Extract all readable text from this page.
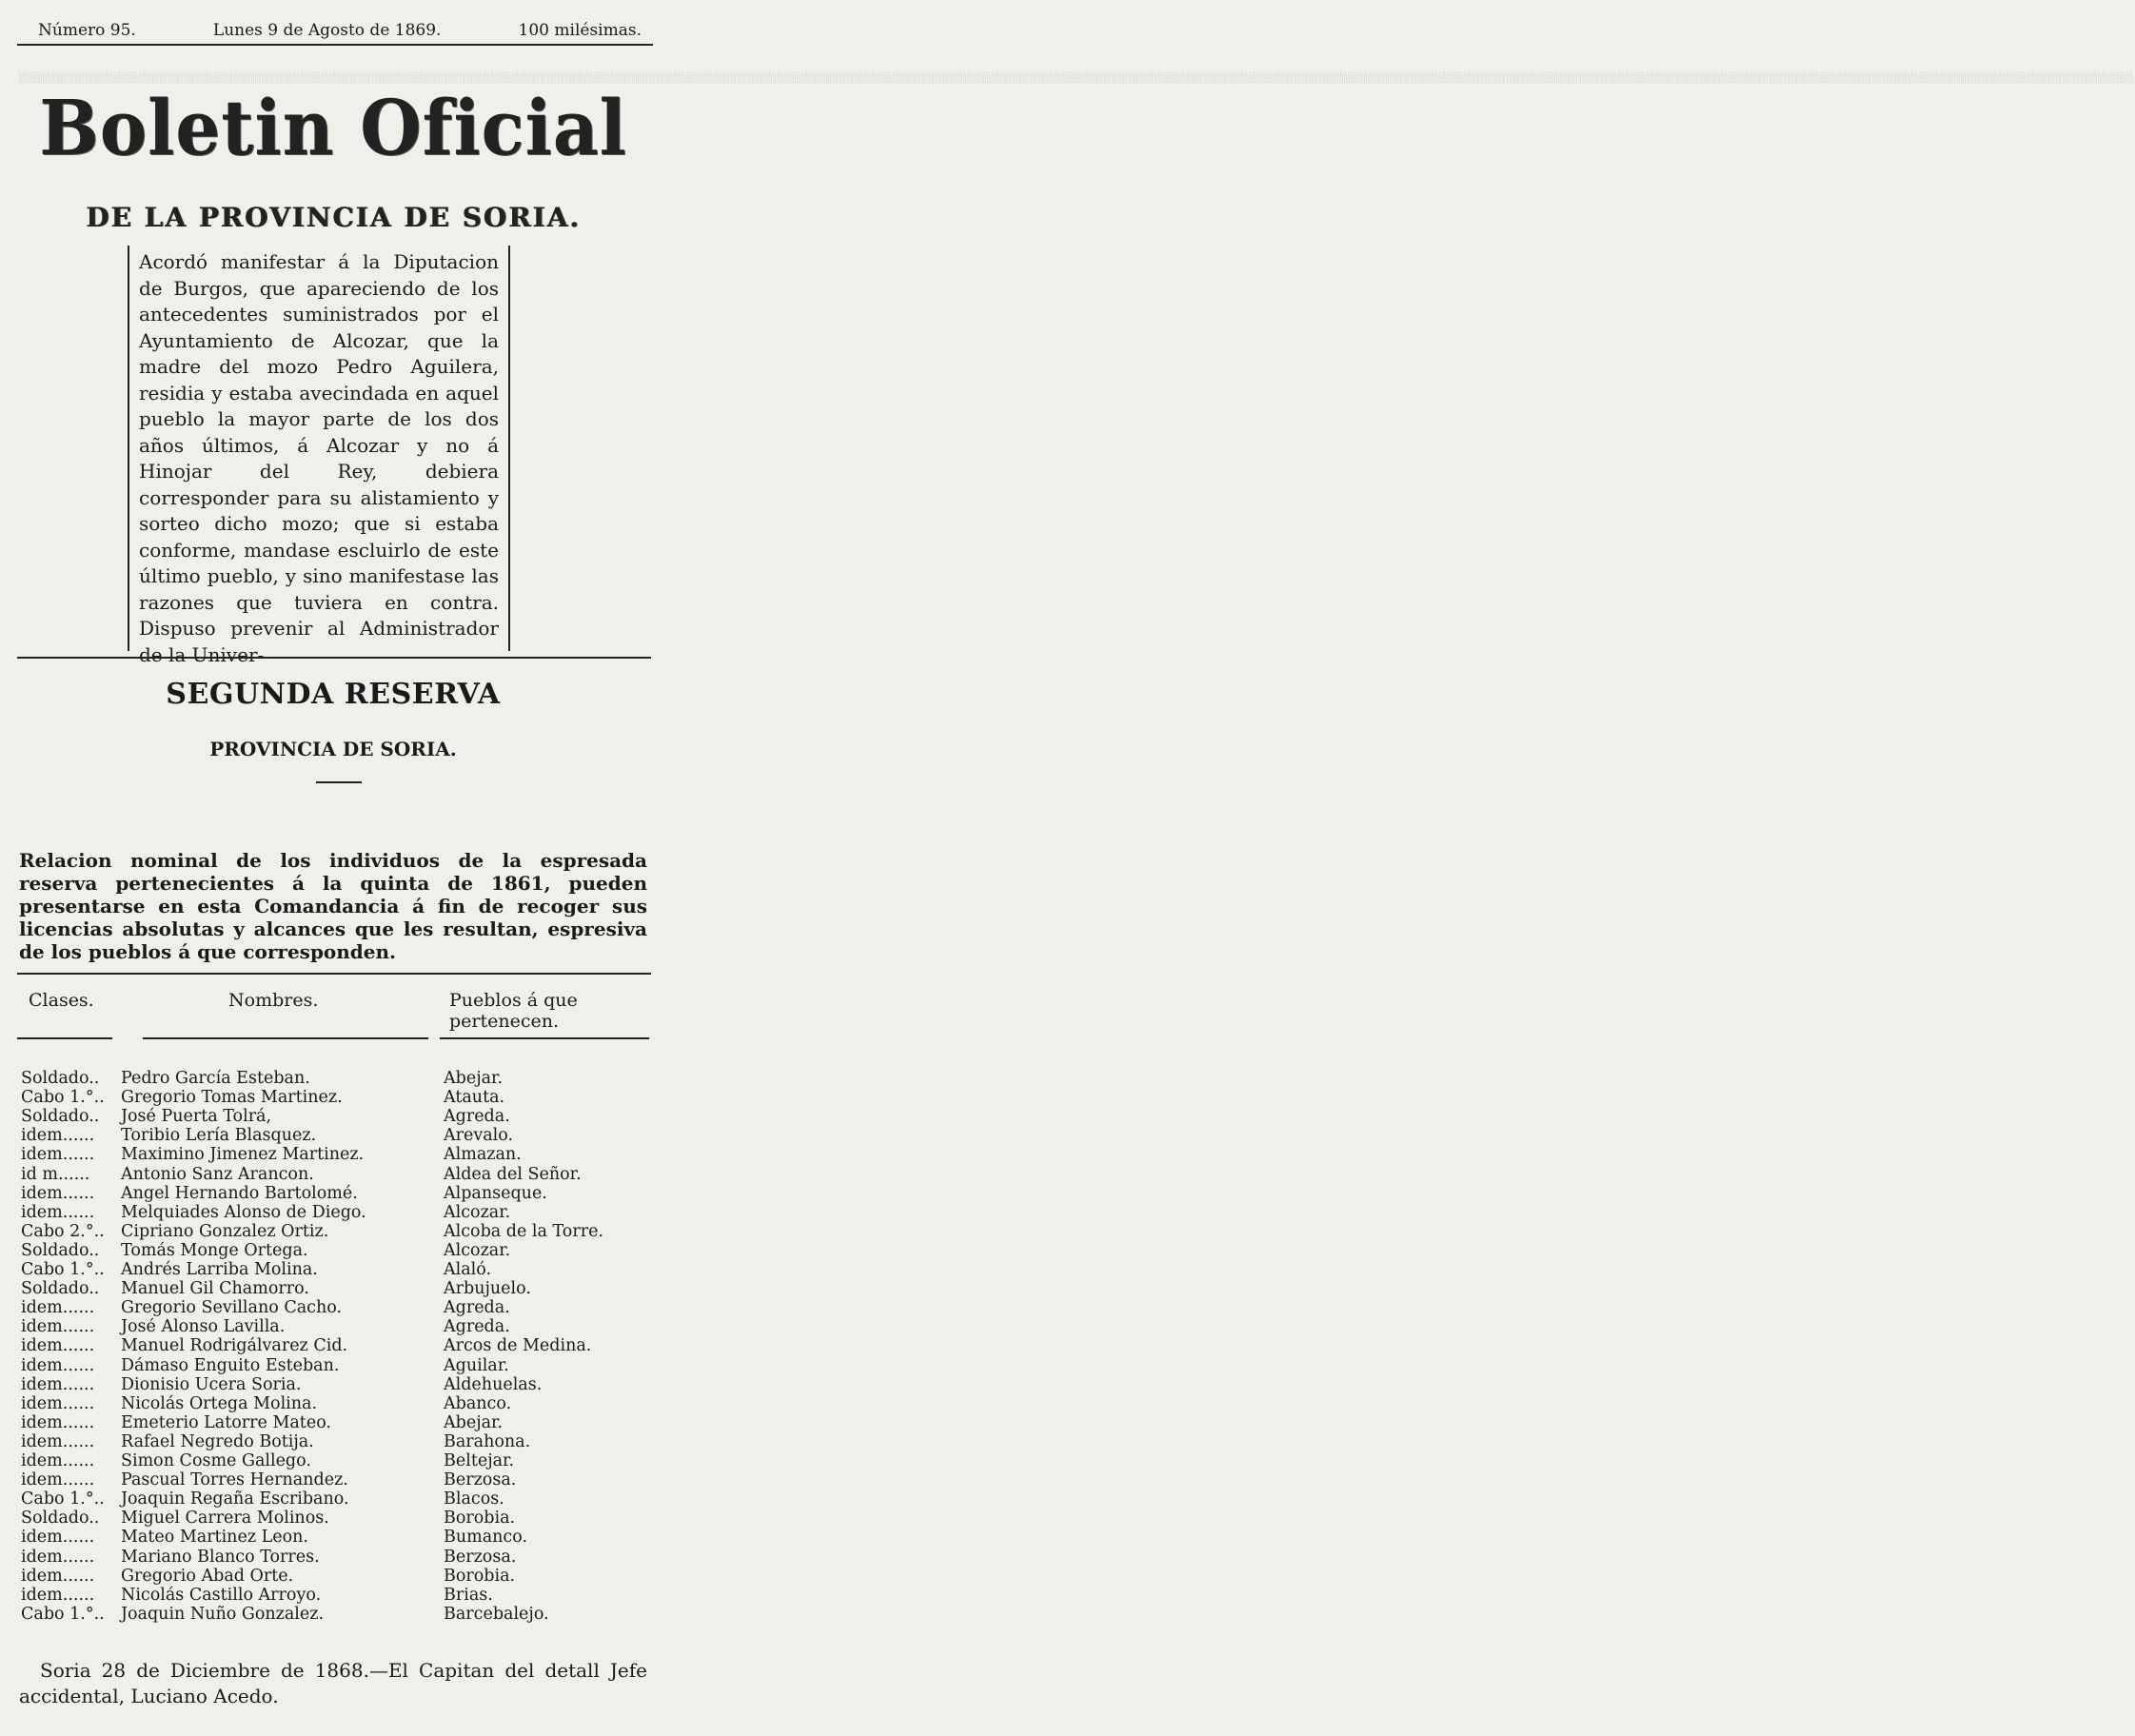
░░░░░░░░░░░░░░░░░░░░░░░░░░░░░░░░░░░░░░░░░░░░░░░░░░░░░░░░░░░░░░░░░░░░░░░░░░░░░░░░░░░░░░░░░░░░░░░░░░░░░░░░░░░░░░░░░░░░░░░░░░░░░░░░░░░░░░░░░░░░░░░░░░░░░░░░░░░░░░░░░░░░░░░░░░░░░░░░░░░░░░░░░░░░░░░░░░░░░░░░░░░░░░░░░░░░░░░░░░░░░░░░░░░░░░░░░░░░░░░░░░░░░░░░░░░░░░░░░░░░░░░░░░░░░░░░░░░░░░░░░░░░░░░░░

Número 95.	Lunes 9 de Agosto de 1869.	100 milésimas.
Boletin Oficial
DE LA PROVINCIA DE SORIA.
Acordó manifestar á la Diputacion de Burgos, que apareciendo de los antecedentes suministrados por el Ayuntamiento de Alcozar, que la madre del mozo Pedro Aguilera, residia y estaba avecindada en aquel pueblo la mayor parte de los dos años últimos, á Alcozar y no á Hinojar del Rey, debiera corresponder para su alistamiento y sorteo dicho mozo; que si estaba conforme, mandase escluirlo de este último pueblo, y sino manifestase las razones que tuviera en contra. Dispuso prevenir al Administrador de la Univer-
SEGUNDA RESERVA
PROVINCIA DE SORIA.
Relacion nominal de los individuos de la espresada reserva pertenecientes á la quinta de 1861, pueden presentarse en esta Comandancia á fin de recoger sus licencias absolutas y alcances que les resultan, espresiva de los pueblos á que corresponden.
Clases.	Nombres.	Pueblos á que pertenecen.
Soldado.. Pedro García Esteban.	Abejar.
Cabo 1.°.. Gregorio Tomas Martinez.	Atauta.
Soldado.. José Puerta Tolrá,	Agreda.
idem...... Toribio Lería Blasquez.	Arevalo.
idem...... Maximino Jimenez Martinez.	Almazan.
id m...... Antonio Sanz Arancon.	Aldea del Señor.
idem...... Angel Hernando Bartolomé.	Alpanseque.
idem...... Melquiades Alonso de Diego.	Alcozar.
Cabo 2.°.. Cipriano Gonzalez Ortiz.	Alcoba de la Torre.
Soldado.. Tomás Monge Ortega.	Alcozar.
Cabo 1.°.. Andrés Larriba Molina.	Alaló.
Soldado.. Manuel Gil Chamorro.	Arbujuelo.
idem...... Gregorio Sevillano Cacho.	Agreda.
idem...... José Alonso Lavilla.	Agreda.
idem...... Manuel Rodrigálvarez Cid.	Arcos de Medina.
idem...... Dámaso Enguito Esteban.	Aguilar.
idem...... Dionisio Ucera Soria.	Aldehuelas.
idem...... Nicolás Ortega Molina.	Abanco.
idem...... Emeterio Latorre Mateo.	Abejar.
idem...... Rafael Negredo Botija.	Barahona.
idem...... Simon Cosme Gallego.	Beltejar.
idem...... Pascual Torres Hernandez.	Berzosa.
Cabo 1.°.. Joaquin Regaña Escribano.	Blacos.
Soldado.. Miguel Carrera Molinos.	Borobia.
idem...... Mateo Martinez Leon.	Bumanco.
idem...... Mariano Blanco Torres.	Berzosa.
idem...... Gregorio Abad Orte.	Borobia.
idem...... Nicolás Castillo Arroyo.	Brias.
Cabo 1.°.. Joaquin Nuño Gonzalez.	Barcebalejo.
Soria 28 de Diciembre de 1868.—El Capitan del detall Jefe accidental, Luciano Acedo.
